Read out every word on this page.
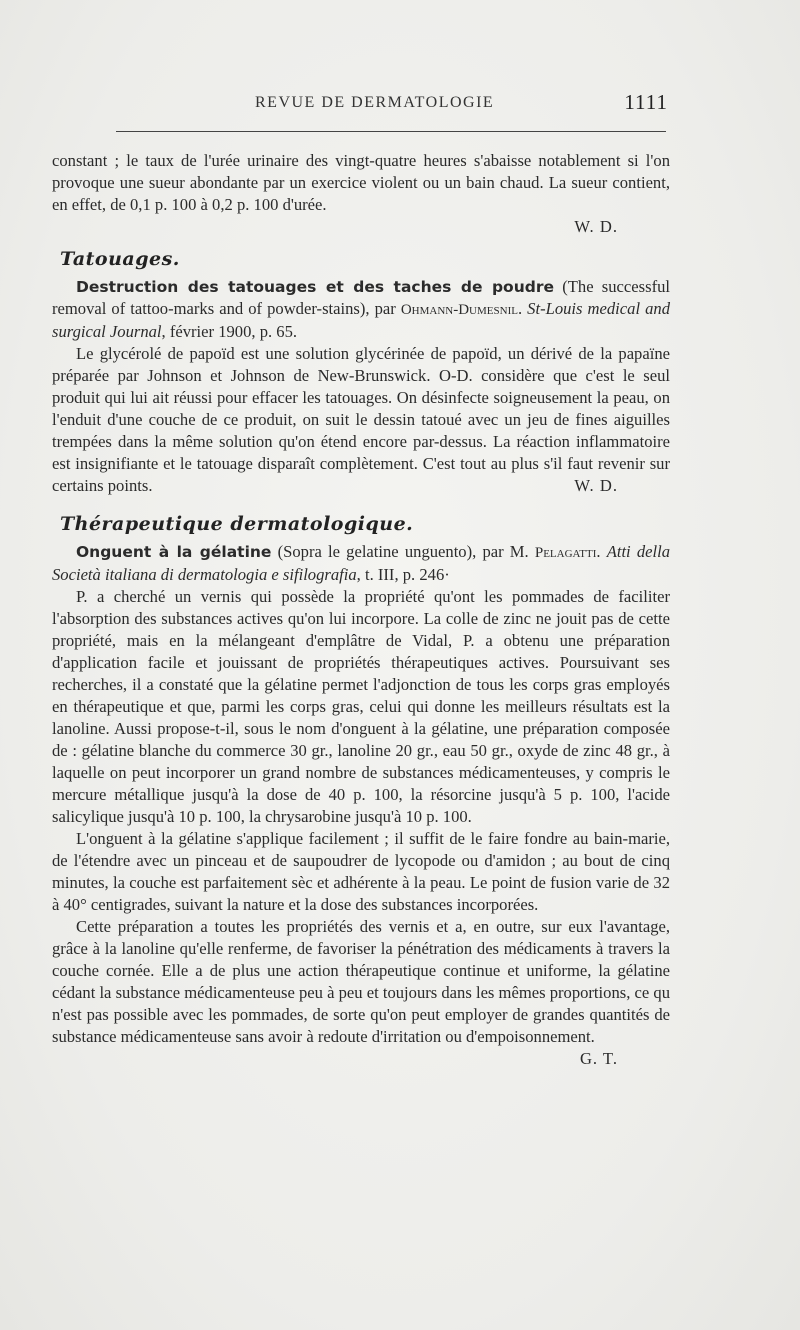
REVUE DE DERMATOLOGIE	1111

constant ; le taux de l'urée urinaire des vingt-quatre heures s'abaisse notablement si l'on provoque une sueur abondante par un exercice violent ou un bain chaud. La sueur contient, en effet, de 0,1 p. 100 à 0,2 p. 100 d'urée.

W. D.
Tatouages.

Destruction des tatouages et des taches de poudre (The successful removal of tattoo-marks and of powder-stains), par Ohmann-Dumesnil. St-Louis medical and surgical Journal, février 1900, p. 65.

Le glycérolé de papoïd est une solution glycérinée de papoïd, un dérivé de la papaïne préparée par Johnson et Johnson de New-Brunswick. O-D. considère que c'est le seul produit qui lui ait réussi pour effacer les tatouages. On désinfecte soigneusement la peau, on l'enduit d'une couche de ce produit, on suit le dessin tatoué avec un jeu de fines aiguilles trempées dans la même solution qu'on étend encore par-dessus. La réaction inflammatoire est insignifiante et le tatouage disparaît complètement. C'est tout au plus s'il faut revenir sur certains points.	W. D.

Thérapeutique dermatologique.

Onguent à la gélatine (Sopra le gelatine unguento), par M. Pelagatti. Atti della Società italiana di dermatologia e sifilografia, t. III, p. 246·

P. a cherché un vernis qui possède la propriété qu'ont les pommades de faciliter l'absorption des substances actives qu'on lui incorpore. La colle de zinc ne jouit pas de cette propriété, mais en la mélangeant d'emplâtre de Vidal, P. a obtenu une préparation d'application facile et jouissant de propriétés thérapeutiques actives. Poursuivant ses recherches, il a constaté que la gélatine permet l'adjonction de tous les corps gras employés en thérapeutique et que, parmi les corps gras, celui qui donne les meilleurs résultats est la lanoline. Aussi propose-t-il, sous le nom d'onguent à la gélatine, une préparation composée de : gélatine blanche du commerce 30 gr., lanoline 20 gr., eau 50 gr., oxyde de zinc 48 gr., à laquelle on peut incorporer un grand nombre de substances médicamenteuses, y compris le mercure métallique jusqu'à la dose de 40 p. 100, la résorcine jusqu'à 5 p. 100, l'acide salicylique jusqu'à 10 p. 100, la chrysarobine jusqu'à 10 p. 100.

L'onguent à la gélatine s'applique facilement ; il suffit de le faire fondre au bain-marie, de l'étendre avec un pinceau et de saupoudrer de lycopode ou d'amidon ; au bout de cinq minutes, la couche est parfaitement sèc et adhérente à la peau. Le point de fusion varie de 32 à 40° centigrades, suivant la nature et la dose des substances incorporées.

Cette préparation a toutes les propriétés des vernis et a, en outre, sur eux l'avantage, grâce à la lanoline qu'elle renferme, de favoriser la pénétration des médicaments à travers la couche cornée. Elle a de plus une action thérapeutique continue et uniforme, la gélatine cédant la substance médicamenteuse peu à peu et toujours dans les mêmes proportions, ce qu n'est pas possible avec les pommades, de sorte qu'on peut employer de grandes quantités de substance médicamenteuse sans avoir à redoute d'irritation ou d'empoisonnement.
G. T.
